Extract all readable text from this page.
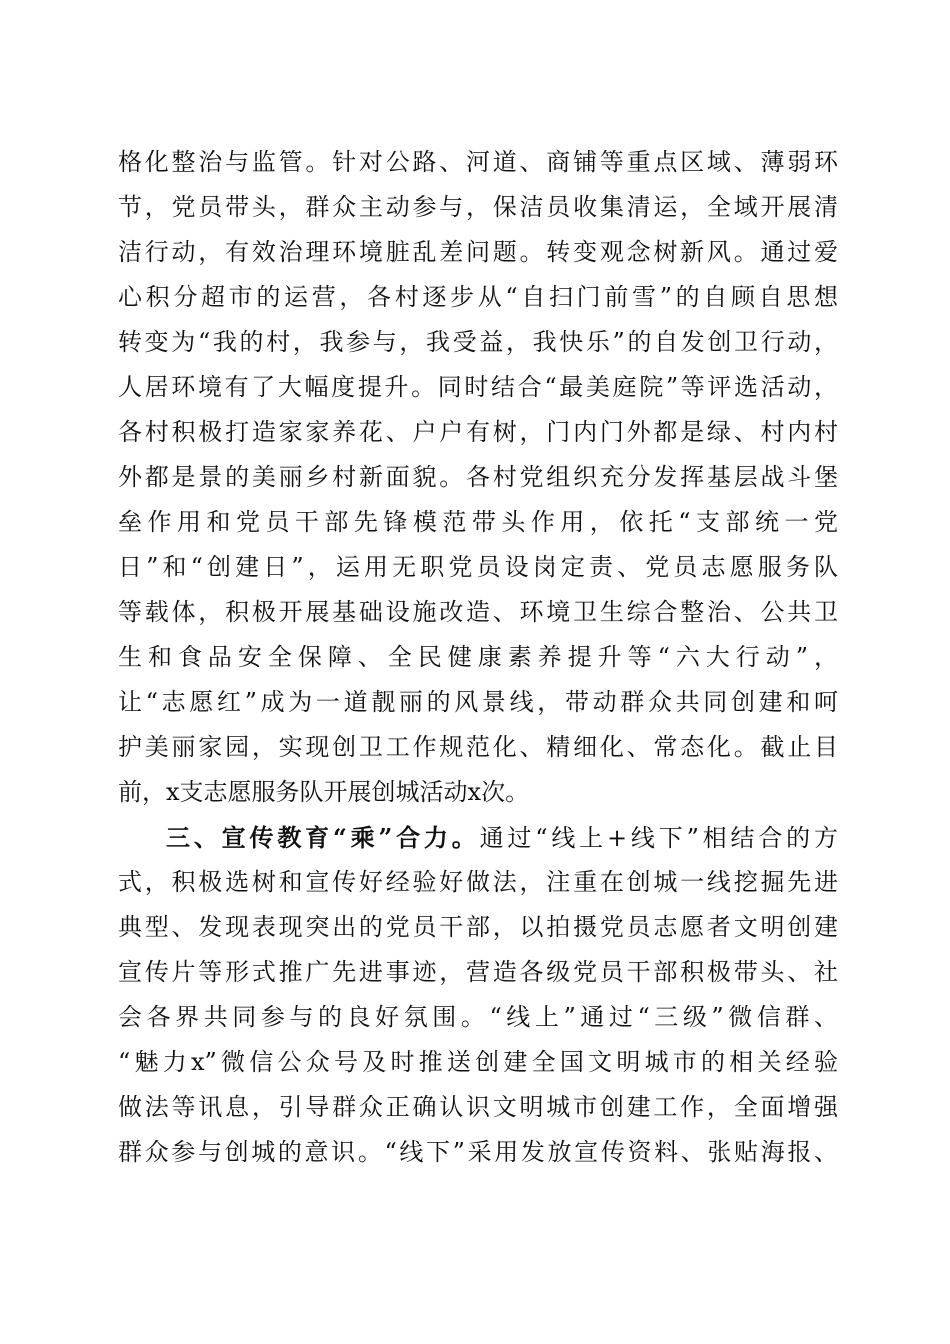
格化整治与监管。针对公路、河道、商铺等重点区域、薄弱环
节，党员带头，群众主动参与，保洁员收集清运，全域开展清
洁行动，有效治理环境脏乱差问题。转变观念树新风。通过爱
心积分超市的运营，各村逐步从“自扫门前雪”的自顾自思想
转变为“我的村，我参与，我受益，我快乐”的自发创卫行动，
人居环境有了大幅度提升。同时结合“最美庭院”等评选活动，
各村积极打造家家养花、户户有树，门内门外都是绿、村内村
外都是景的美丽乡村新面貌。各村党组织充分发挥基层战斗堡
垒作用和党员干部先锋模范带头作用，依托“支部统一党
日”和“创建日”，运用无职党员设岗定责、党员志愿服务队
等载体，积极开展基础设施改造、环境卫生综合整治、公共卫
生和食品安全保障、全民健康素养提升等“六大行动”，
让“志愿红”成为一道靓丽的风景线，带动群众共同创建和呵
护美丽家园，实现创卫工作规范化、精细化、常态化。截止目
前，x支志愿服务队开展创城活动x次。
三、宣传教育“乘”合力。通过“线上+线下”相结合的方
式，积极选树和宣传好经验好做法，注重在创城一线挖掘先进
典型、发现表现突出的党员干部，以拍摄党员志愿者文明创建
宣传片等形式推广先进事迹，营造各级党员干部积极带头、社
会各界共同参与的良好氛围。“线上”通过“三级”微信群、
“魅力x”微信公众号及时推送创建全国文明城市的相关经验
做法等讯息，引导群众正确认识文明城市创建工作，全面增强
群众参与创城的意识。“线下”采用发放宣传资料、张贴海报、
